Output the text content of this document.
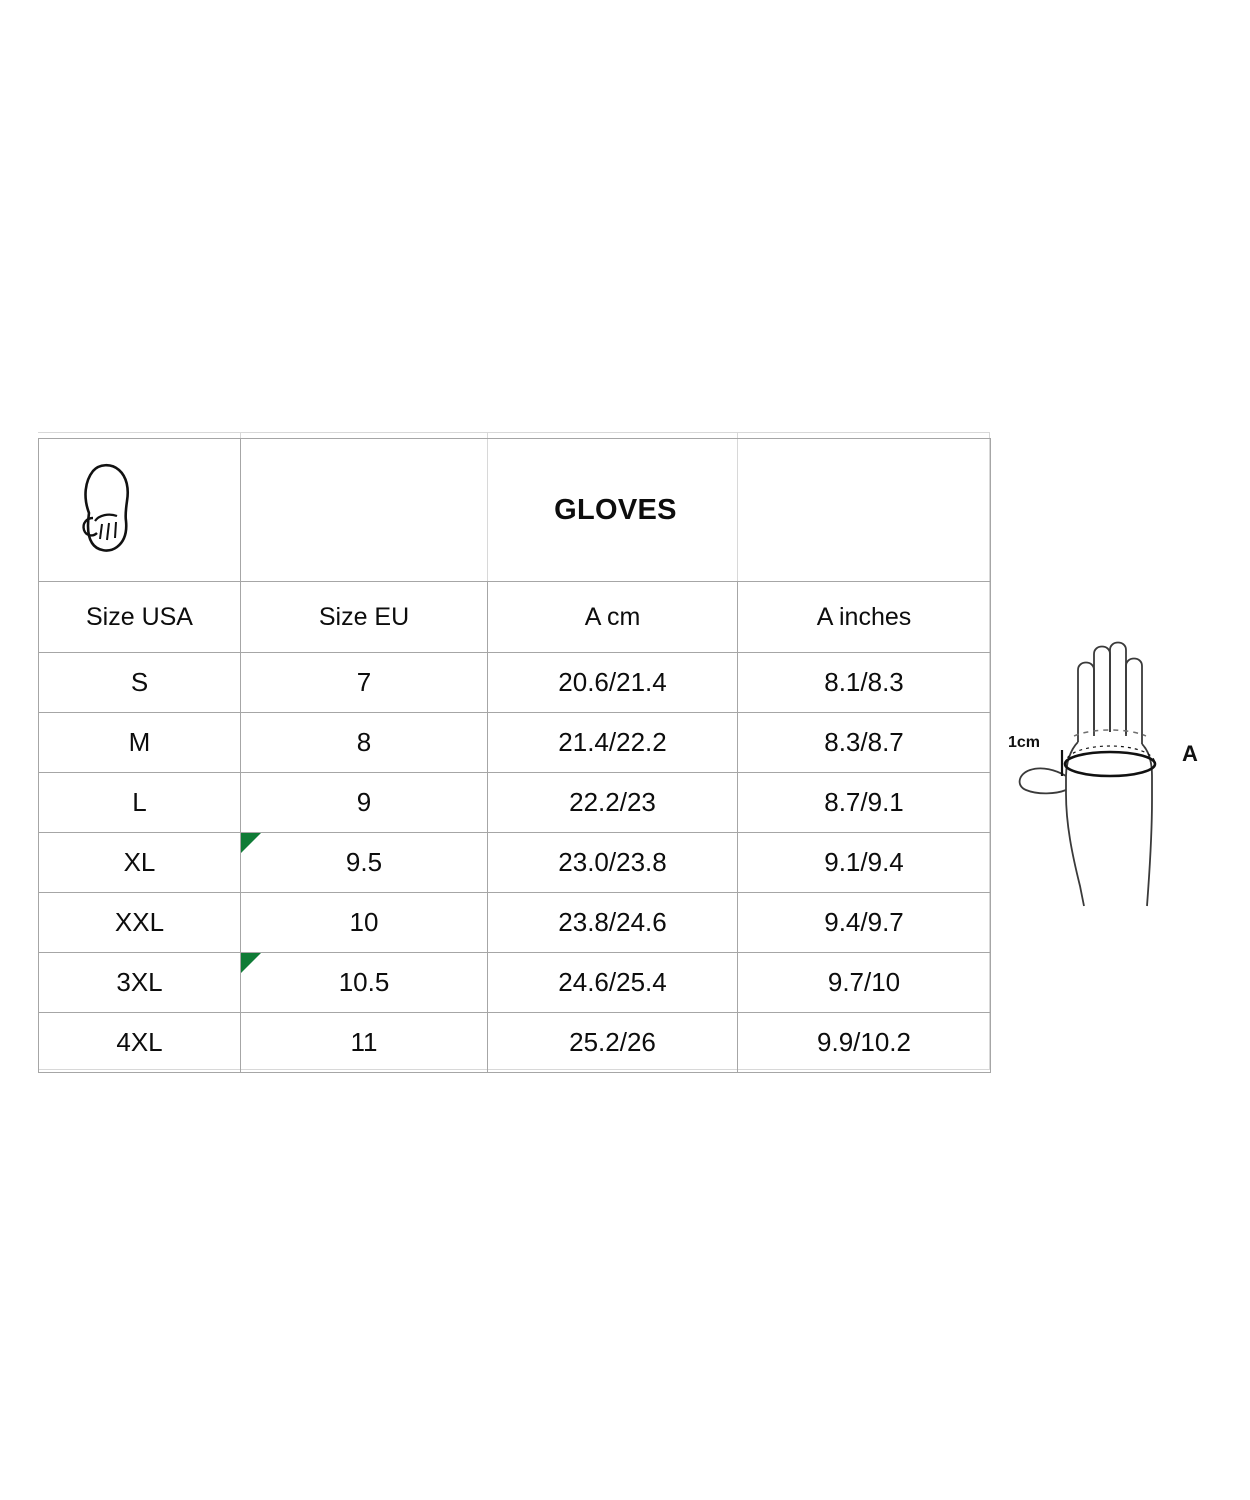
	GLOVES		
Size USA	Size EU	A cm	A inches
S	7	20.6/21.4	8.1/8.3
M	8	21.4/22.2	8.3/8.7
L	9	22.2/23	8.7/9.1
XL	9.5	23.0/23.8	9.1/9.4
XXL	10	23.8/24.6	9.4/9.7
3XL	10.5	24.6/25.4	9.7/10
4XL	11	25.2/26	9.9/10.2
1cm	A
